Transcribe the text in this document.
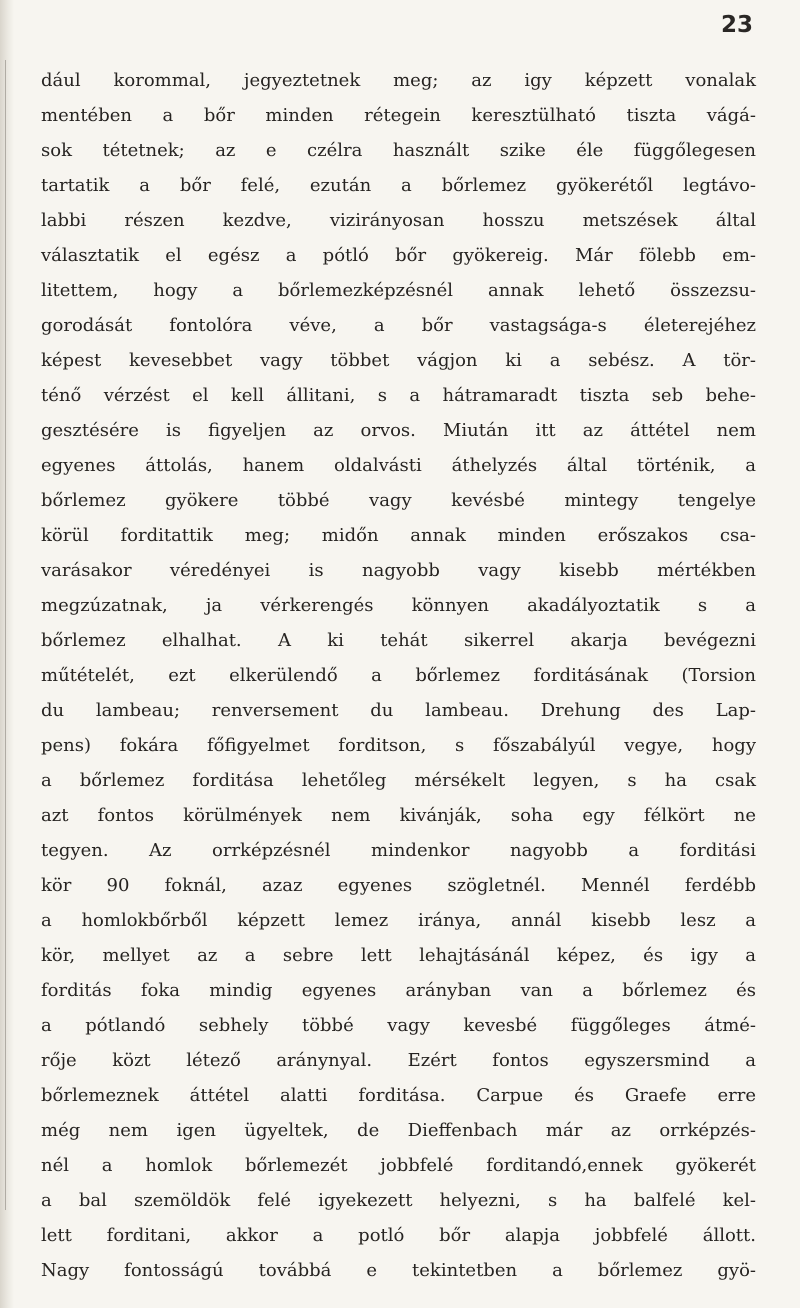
23
dául korommal, jegyeztetnek meg; az igy képzett vonalak
mentében a bőr minden rétegein keresztülható tiszta vágá-
sok tétetnek; az e czélra használt szike éle függőlegesen
tartatik a bőr felé, ezután a bőrlemez gyökerétől legtávo-
labbi részen kezdve, vizirányosan hosszu metszések által
választatik el egész a pótló bőr gyökereig. Már fölebb em-
litettem, hogy a bőrlemezképzésnél annak lehető összezsu-
gorodását fontolóra véve, a bőr vastagsága-s életerejéhez
képest kevesebbet vagy többet vágjon ki a sebész. A tör-
ténő vérzést el kell állitani, s a hátramaradt tiszta seb behe-
gesztésére is figyeljen az orvos. Miután itt az áttétel nem
egyenes áttolás, hanem oldalvásti áthelyzés által történik, a
bőrlemez gyökere többé vagy kevésbé mintegy tengelye
körül forditattik meg; midőn annak minden erőszakos csa-
varásakor véredényei is nagyobb vagy kisebb mértékben
megzúzatnak, ja vérkerengés könnyen akadályoztatik s a
bőrlemez elhalhat. A ki tehát sikerrel akarja bevégezni
műtételét, ezt elkerülendő a bőrlemez forditásának (Torsion
du lambeau; renversement du lambeau. Drehung des Lap-
pens) fokára főfigyelmet forditson, s főszabályúl vegye, hogy
a bőrlemez forditása lehetőleg mérsékelt legyen, s ha csak
azt fontos körülmények nem kivánják, soha egy félkört ne
tegyen. Az orrképzésnél mindenkor nagyobb a forditási
kör 90 foknál, azaz egyenes szögletnél. Mennél ferdébb
a homlokbőrből képzett lemez iránya, annál kisebb lesz a
kör, mellyet az a sebre lett lehajtásánál képez, és igy a
forditás foka mindig egyenes arányban van a bőrlemez és
a pótlandó sebhely többé vagy kevesbé függőleges átmé-
rője közt létező aránynyal. Ezért fontos egyszersmind a
bőrlemeznek áttétel alatti forditása. Carpue és Graefe erre
még nem igen ügyeltek, de Dieffenbach már az orrképzés-
nél a homlok bőrlemezét jobbfelé forditandó,ennek gyökerét
a bal szemöldök felé igyekezett helyezni, s ha balfelé kel-
lett forditani, akkor a potló bőr alapja jobbfelé állott.
Nagy fontosságú továbbá e tekintetben a bőrlemez gyö-
